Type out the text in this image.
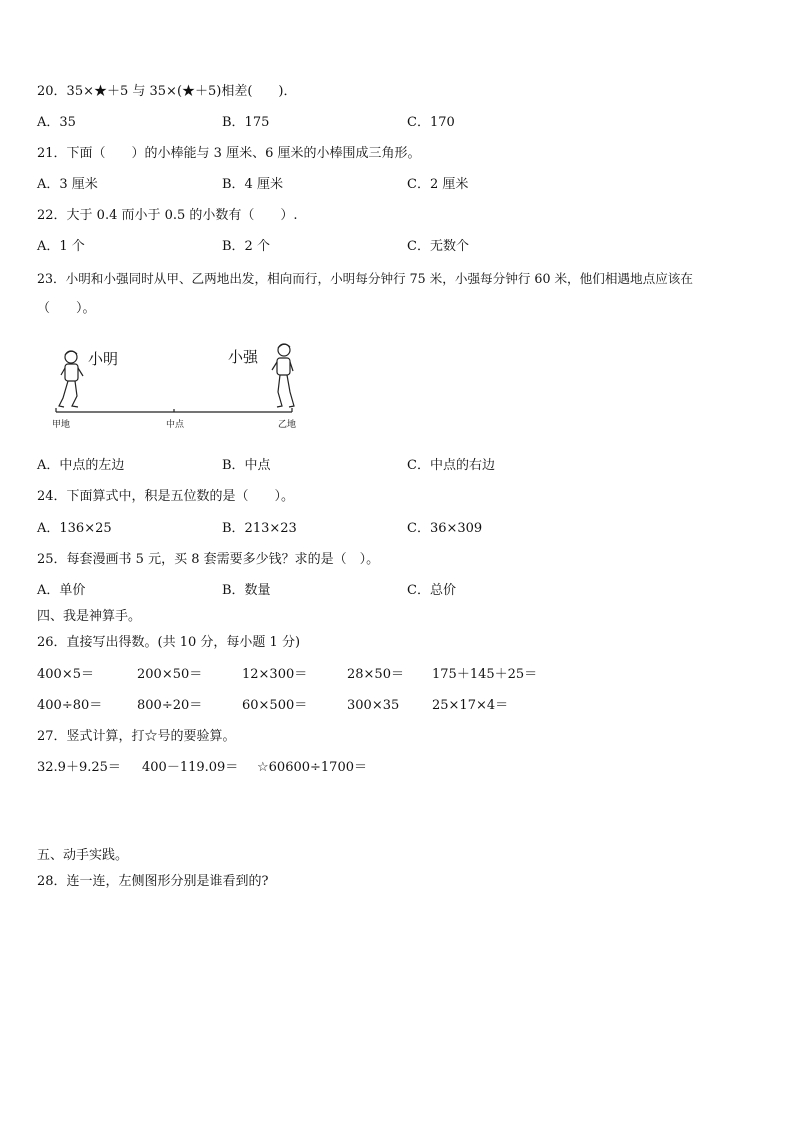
20．35×★＋5 与 35×(★＋5)相差(　　)．
A．35	B．175	C．170
21．下面（　　）的小棒能与 3 厘米、6 厘米的小棒围成三角形。
A．3 厘米	B．4 厘米	C．2 厘米
22．大于 0.4 而小于 0.5 的小数有（　　）.
A．1 个	B．2 个	C．无数个
23．小明和小强同时从甲、乙两地出发，相向而行，小明每分钟行 75 米，小强每分钟行 60 米，他们相遇地点应该在
（　　）。
小明	小强
甲地	中点	乙地
A．中点的左边	B．中点	C．中点的右边
24．下面算式中，积是五位数的是（　　）。
A．136×25	B．213×23	C．36×309
25．每套漫画书 5 元，买 8 套需要多少钱？求的是（　）。
A．单价	B．数量	C．总价
四、我是神算手。
26．直接写出得数。(共 10 分，每小题 1 分)
400×5＝	200×50＝	12×300＝	28×50＝ 175＋145＋25＝
400÷80＝	800÷20＝	60×500＝	300×35	25×17×4＝
27．竖式计算，打☆号的要验算。
32.9＋9.25＝ 400－119.09＝ ☆60600÷1700＝
五、动手实践。
28．连一连，左侧图形分别是谁看到的?
